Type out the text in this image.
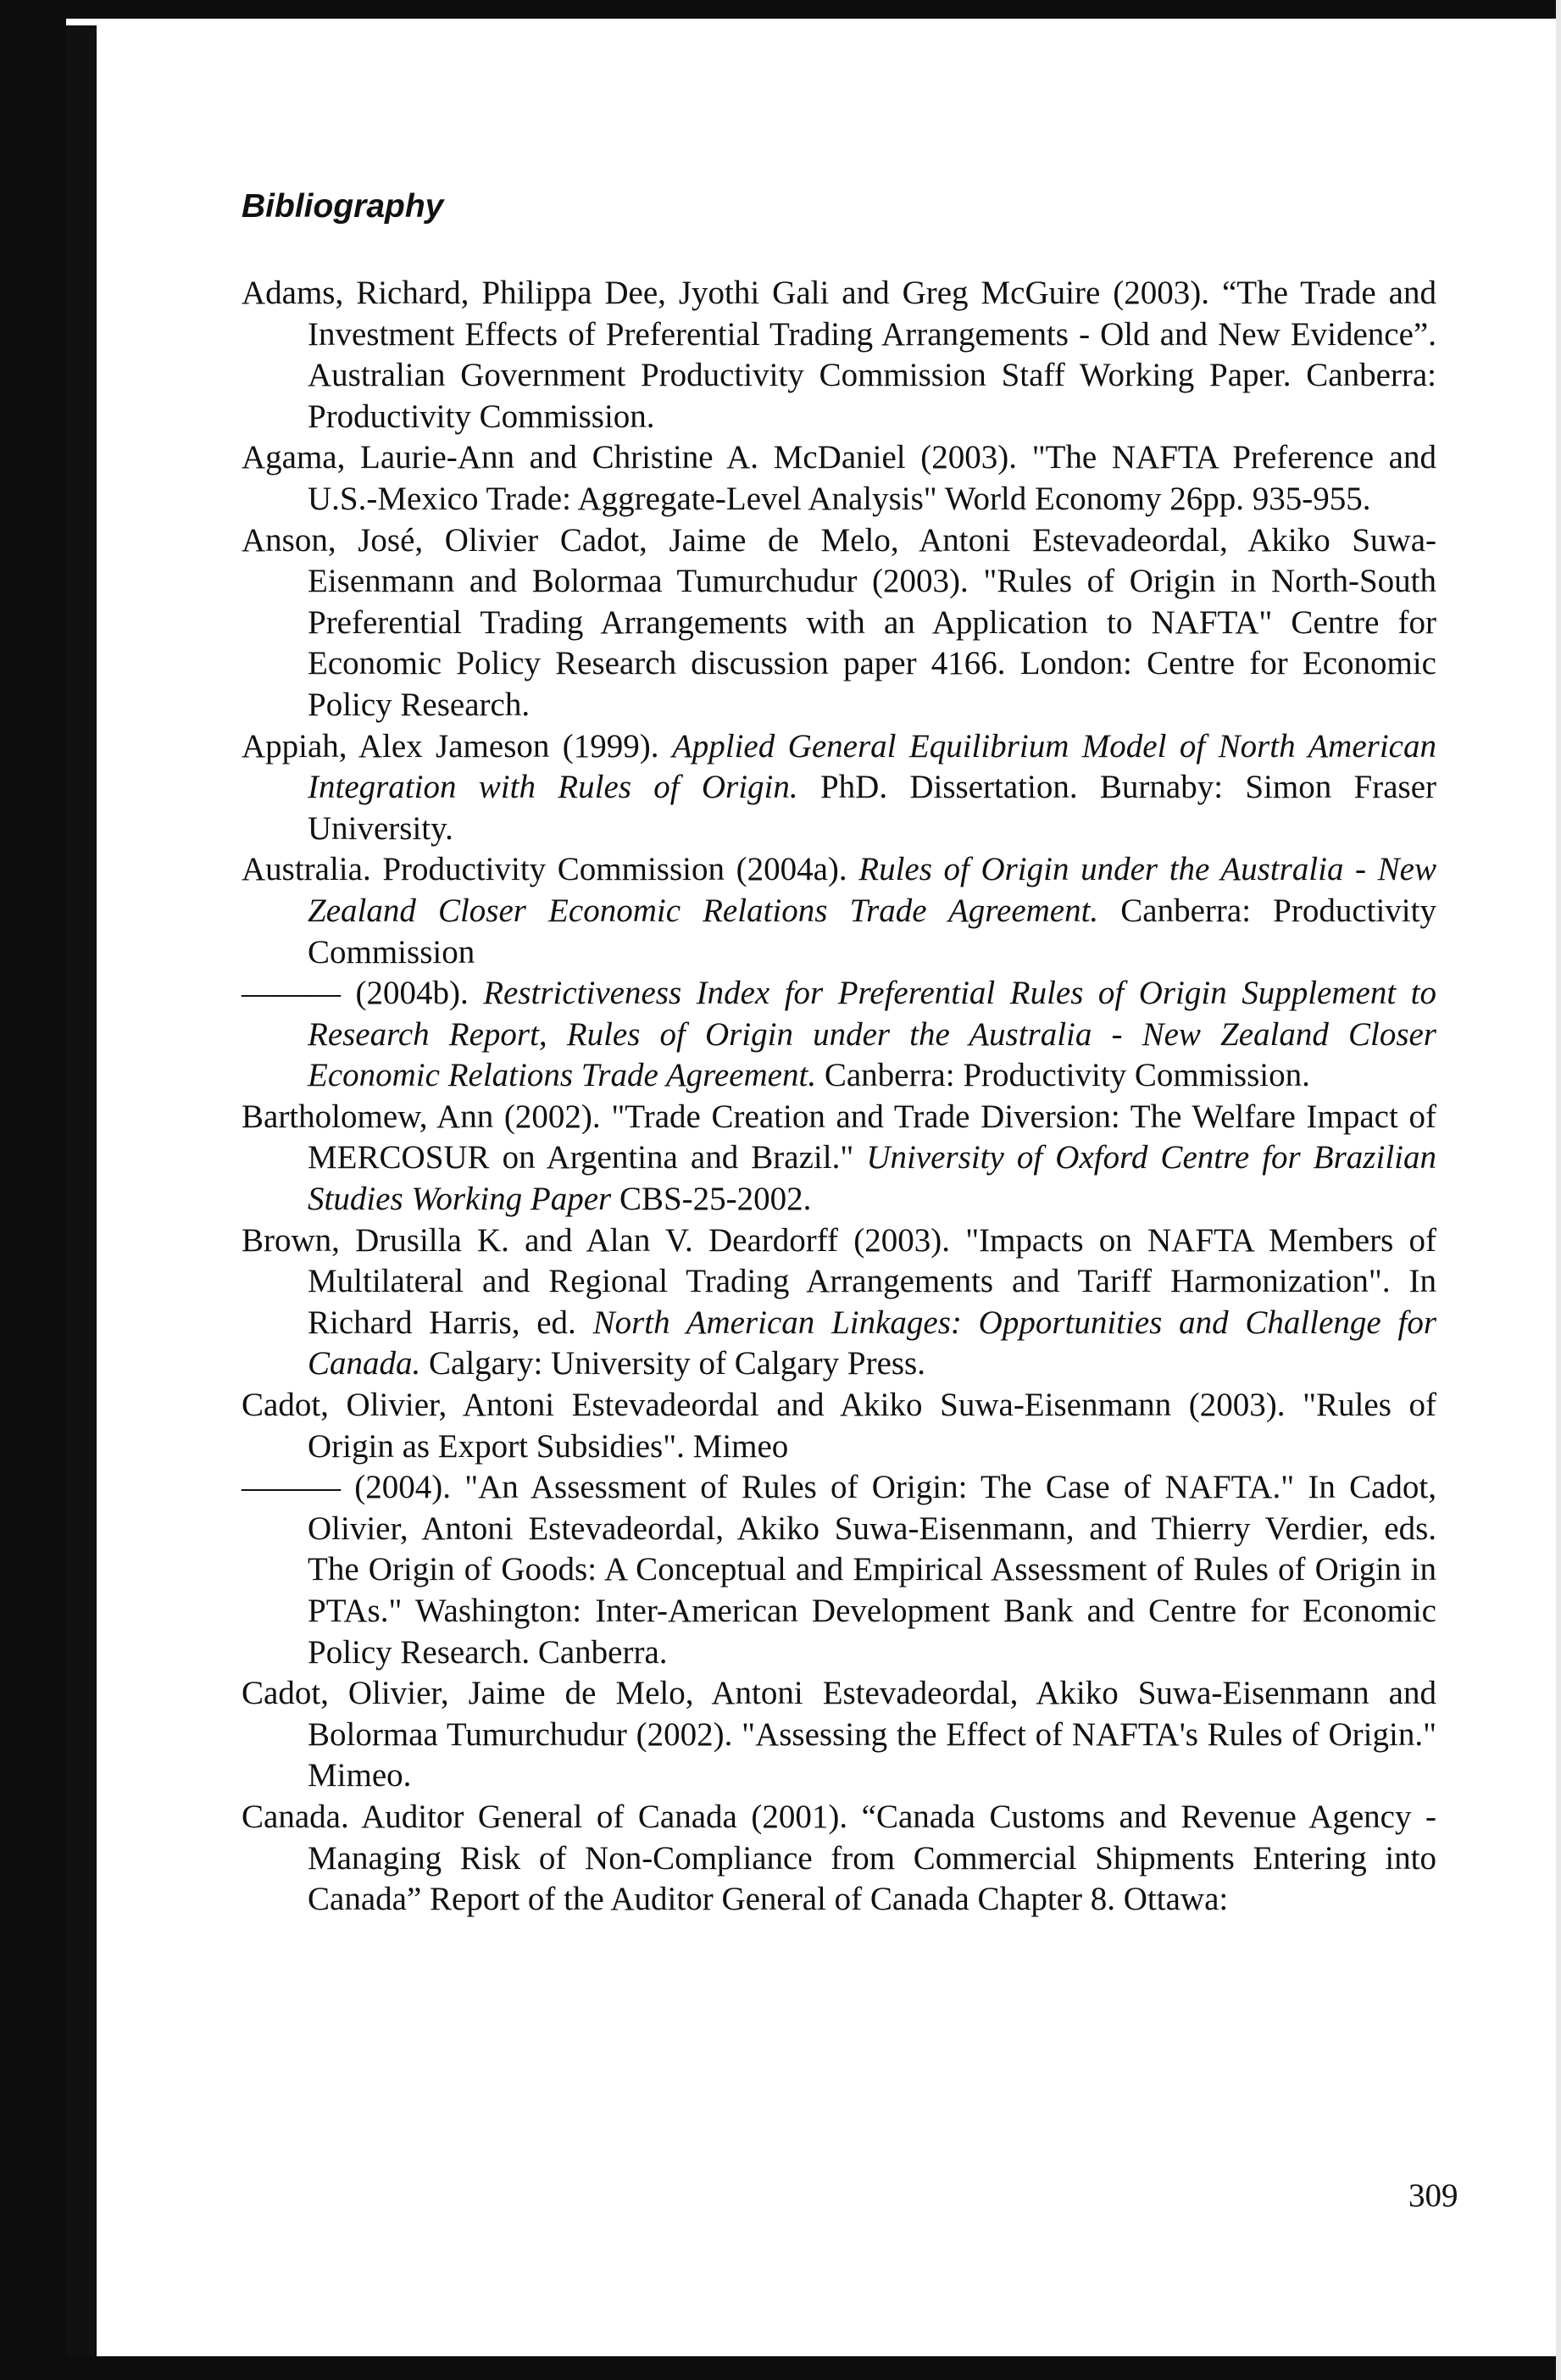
Bibliography

Adams, Richard, Philippa Dee, Jyothi Gali and Greg McGuire (2003). “The Trade and Investment Effects of Preferential Trading Arrangements - Old and New Evidence”. Australian Government Productivity Commission Staff Working Paper. Canberra: Productivity Commission.

Agama, Laurie-Ann and Christine A. McDaniel (2003). "The NAFTA Preference and U.S.-Mexico Trade: Aggregate-Level Analysis" World Economy 26pp. 935-955.

Anson, José, Olivier Cadot, Jaime de Melo, Antoni Estevadeordal, Akiko Suwa-Eisenmann and Bolormaa Tumurchudur (2003). "Rules of Origin in North-South Preferential Trading Arrangements with an Application to NAFTA" Centre for Economic Policy Research discussion paper 4166. London: Centre for Economic Policy Research.

Appiah, Alex Jameson (1999). Applied General Equilibrium Model of North American Integration with Rules of Origin. PhD. Dissertation. Burnaby: Simon Fraser University.

Australia. Productivity Commission (2004a). Rules of Origin under the Australia - New Zealand Closer Economic Relations Trade Agreement. Canberra: Productivity Commission

——— (2004b). Restrictiveness Index for Preferential Rules of Origin Supplement to Research Report, Rules of Origin under the Australia - New Zealand Closer Economic Relations Trade Agreement. Canberra: Productivity Commission.

Bartholomew, Ann (2002). "Trade Creation and Trade Diversion: The Welfare Impact of MERCOSUR on Argentina and Brazil." University of Oxford Centre for Brazilian Studies Working Paper CBS-25-2002.

Brown, Drusilla K. and Alan V. Deardorff (2003). "Impacts on NAFTA Members of Multilateral and Regional Trading Arrangements and Tariff Harmonization". In Richard Harris, ed. North American Linkages: Opportunities and Challenge for Canada. Calgary: University of Calgary Press.

Cadot, Olivier, Antoni Estevadeordal and Akiko Suwa-Eisenmann (2003). "Rules of Origin as Export Subsidies". Mimeo

——— (2004). "An Assessment of Rules of Origin: The Case of NAFTA." In Cadot, Olivier, Antoni Estevadeordal, Akiko Suwa-Eisenmann, and Thierry Verdier, eds. The Origin of Goods: A Conceptual and Empirical Assessment of Rules of Origin in PTAs." Washington: Inter-American Development Bank and Centre for Economic Policy Research. Canberra.

Cadot, Olivier, Jaime de Melo, Antoni Estevadeordal, Akiko Suwa-Eisenmann and Bolormaa Tumurchudur (2002). "Assessing the Effect of NAFTA's Rules of Origin." Mimeo.

Canada. Auditor General of Canada (2001). “Canada Customs and Revenue Agency - Managing Risk of Non-Compliance from Commercial Shipments Entering into Canada” Report of the Auditor General of Canada Chapter 8. Ottawa:

309
